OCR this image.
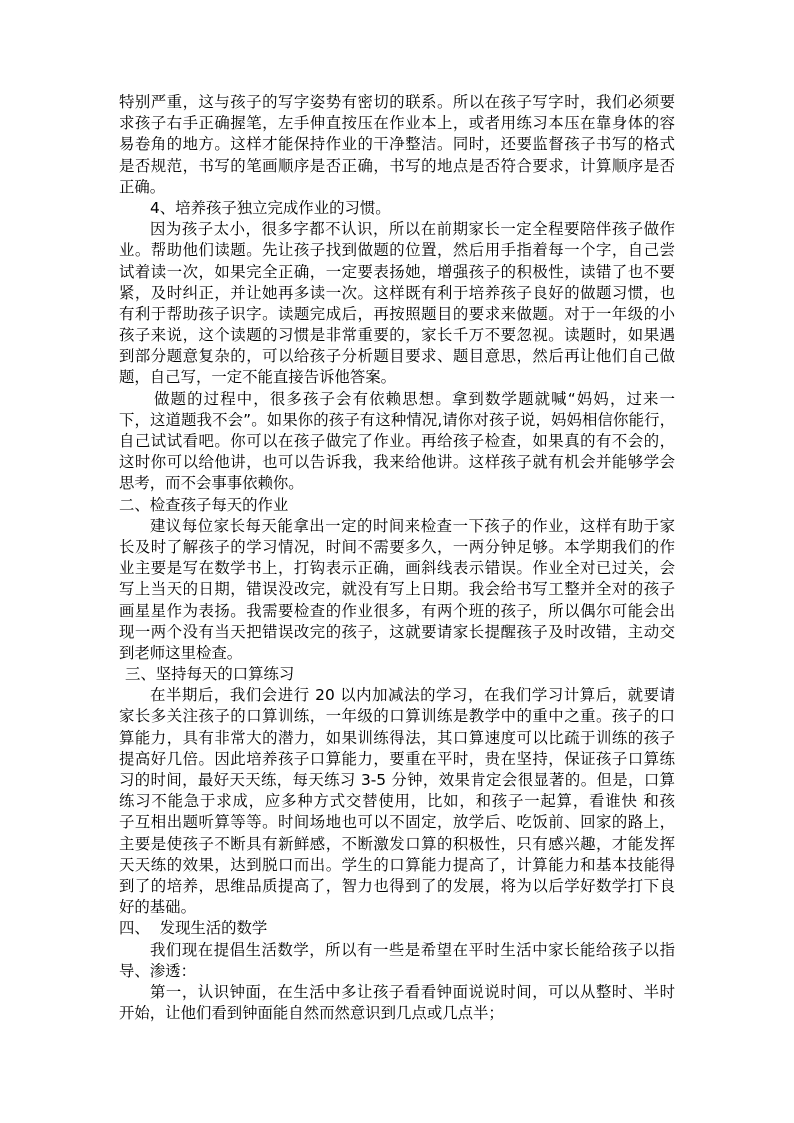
特别严重，这与孩子的写字姿势有密切的联系。所以在孩子写字时，我们必须要
求孩子右手正确握笔，左手伸直按压在作业本上，或者用练习本压在靠身体的容
易卷角的地方。这样才能保持作业的干净整洁。同时，还要监督孩子书写的格式
是否规范，书写的笔画顺序是否正确，书写的地点是否符合要求，计算顺序是否
正确。
4、培养孩子独立完成作业的习惯。
因为孩子太小，很多字都不认识，所以在前期家长一定全程要陪伴孩子做作
业。帮助他们读题。先让孩子找到做题的位置，然后用手指着每一个字，自己尝
试着读一次，如果完全正确，一定要表扬她，增强孩子的积极性，读错了也不要
紧，及时纠正，并让她再多读一次。这样既有利于培养孩子良好的做题习惯，也
有利于帮助孩子识字。读题完成后，再按照题目的要求来做题。对于一年级的小
孩子来说，这个读题的习惯是非常重要的，家长千万不要忽视。读题时，如果遇
到部分题意复杂的，可以给孩子分析题目要求、题目意思，然后再让他们自己做
题，自己写，一定不能直接告诉他答案。
做题的过程中，很多孩子会有依赖思想。拿到数学题就喊“妈妈，过来一
下，这道题我不会”。如果你的孩子有这种情况,请你对孩子说，妈妈相信你能行，
自己试试看吧。你可以在孩子做完了作业。再给孩子检查，如果真的有不会的，
这时你可以给他讲，也可以告诉我，我来给他讲。这样孩子就有机会并能够学会
思考，而不会事事依赖你。
二、检查孩子每天的作业
建议每位家长每天能拿出一定的时间来检查一下孩子的作业，这样有助于家
长及时了解孩子的学习情况，时间不需要多久，一两分钟足够。本学期我们的作
业主要是写在数学书上，打钩表示正确，画斜线表示错误。作业全对已过关，会
写上当天的日期，错误没改完，就没有写上日期。我会给书写工整并全对的孩子
画星星作为表扬。我需要检查的作业很多，有两个班的孩子，所以偶尔可能会出
现一两个没有当天把错误改完的孩子，这就要请家长提醒孩子及时改错，主动交
到老师这里检查。
三、坚持每天的口算练习
在半期后，我们会进行 20 以内加减法的学习，在我们学习计算后，就要请
家长多关注孩子的口算训练，一年级的口算训练是教学中的重中之重。孩子的口
算能力，具有非常大的潜力，如果训练得法，其口算速度可以比疏于训练的孩子
提高好几倍。因此培养孩子口算能力，要重在平时，贵在坚持，保证孩子口算练
习的时间，最好天天练，每天练习 3-5 分钟，效果肯定会很显著的。但是，口算
练习不能急于求成，应多种方式交替使用，比如，和孩子一起算，看谁快 和孩
子互相出题听算等等。时间场地也可以不固定，放学后、吃饭前、回家的路上，
主要是使孩子不断具有新鲜感，不断激发口算的积极性，只有感兴趣，才能发挥
天天练的效果，达到脱口而出。学生的口算能力提高了，计算能力和基本技能得
到了的培养，思维品质提高了，智力也得到了的发展，将为以后学好数学打下良
好的基础。
四、  发现生活的数学
我们现在提倡生活数学，所以有一些是希望在平时生活中家长能给孩子以指
导、渗透：
第一，认识钟面，在生活中多让孩子看看钟面说说时间，可以从整时、半时
开始，让他们看到钟面能自然而然意识到几点或几点半；
